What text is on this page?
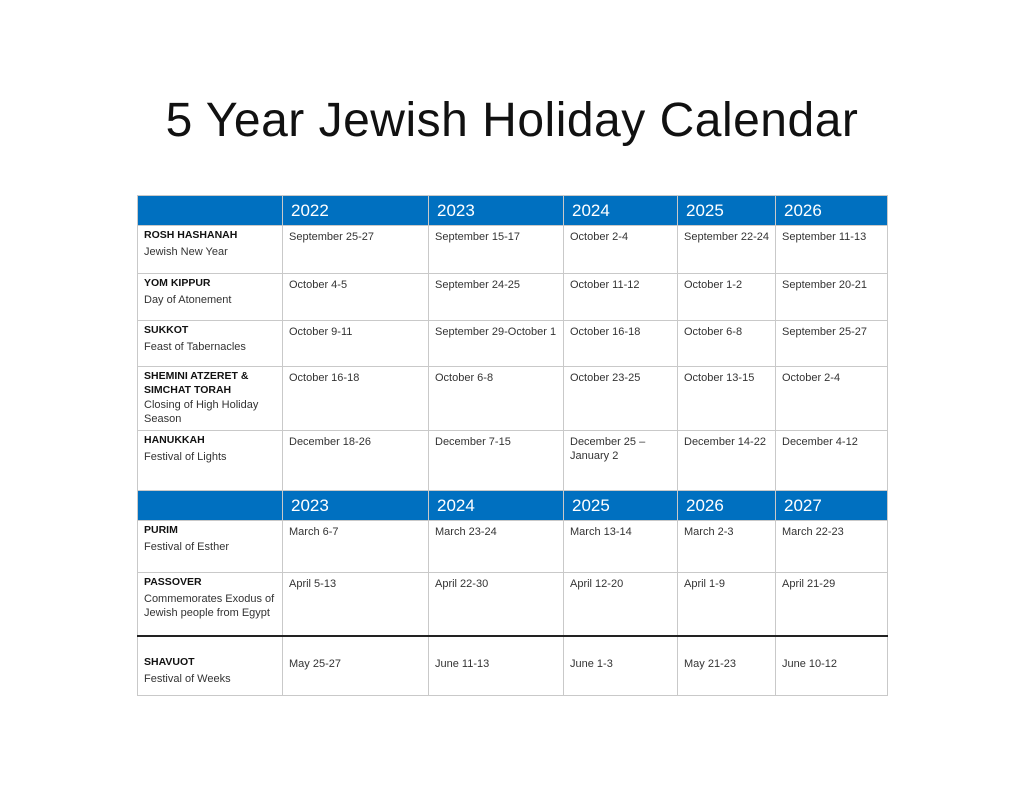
5 Year Jewish Holiday Calendar
	2022	2023	2024	2025	2026

ROSH HASHANAH
Jewish New Year	September 25-27	September 15-17	October 2-4	September 22-24	September 11-13

YOM KIPPUR
Day of Atonement	October 4-5	September 24-25	October 11-12	October 1-2	September 20-21

SUKKOT
Feast of Tabernacles	October 9-11	September 29-October 1	October 16-18	October 6-8	September 25-27

SHEMINI ATZERET & SIMCHAT TORAH
Closing of High Holiday Season	October 16-18	October 6-8	October 23-25	October 13-15	October 2-4

HANUKKAH
Festival of Lights	December 18-26	December 7-15	December 25 – January 2	December 14-22	December 4-12
	2023	2024	2025	2026	2027

PURIM
Festival of Esther	March 6-7	March 23-24	March 13-14	March 2-3	March 22-23

PASSOVER
Commemorates Exodus of Jewish people from Egypt	April 5-13	April 22-30	April 12-20	April 1-9	April 21-29

SHAVUOT
Festival of Weeks	May 25-27	June 11-13	June 1-3	May 21-23	June 10-12
